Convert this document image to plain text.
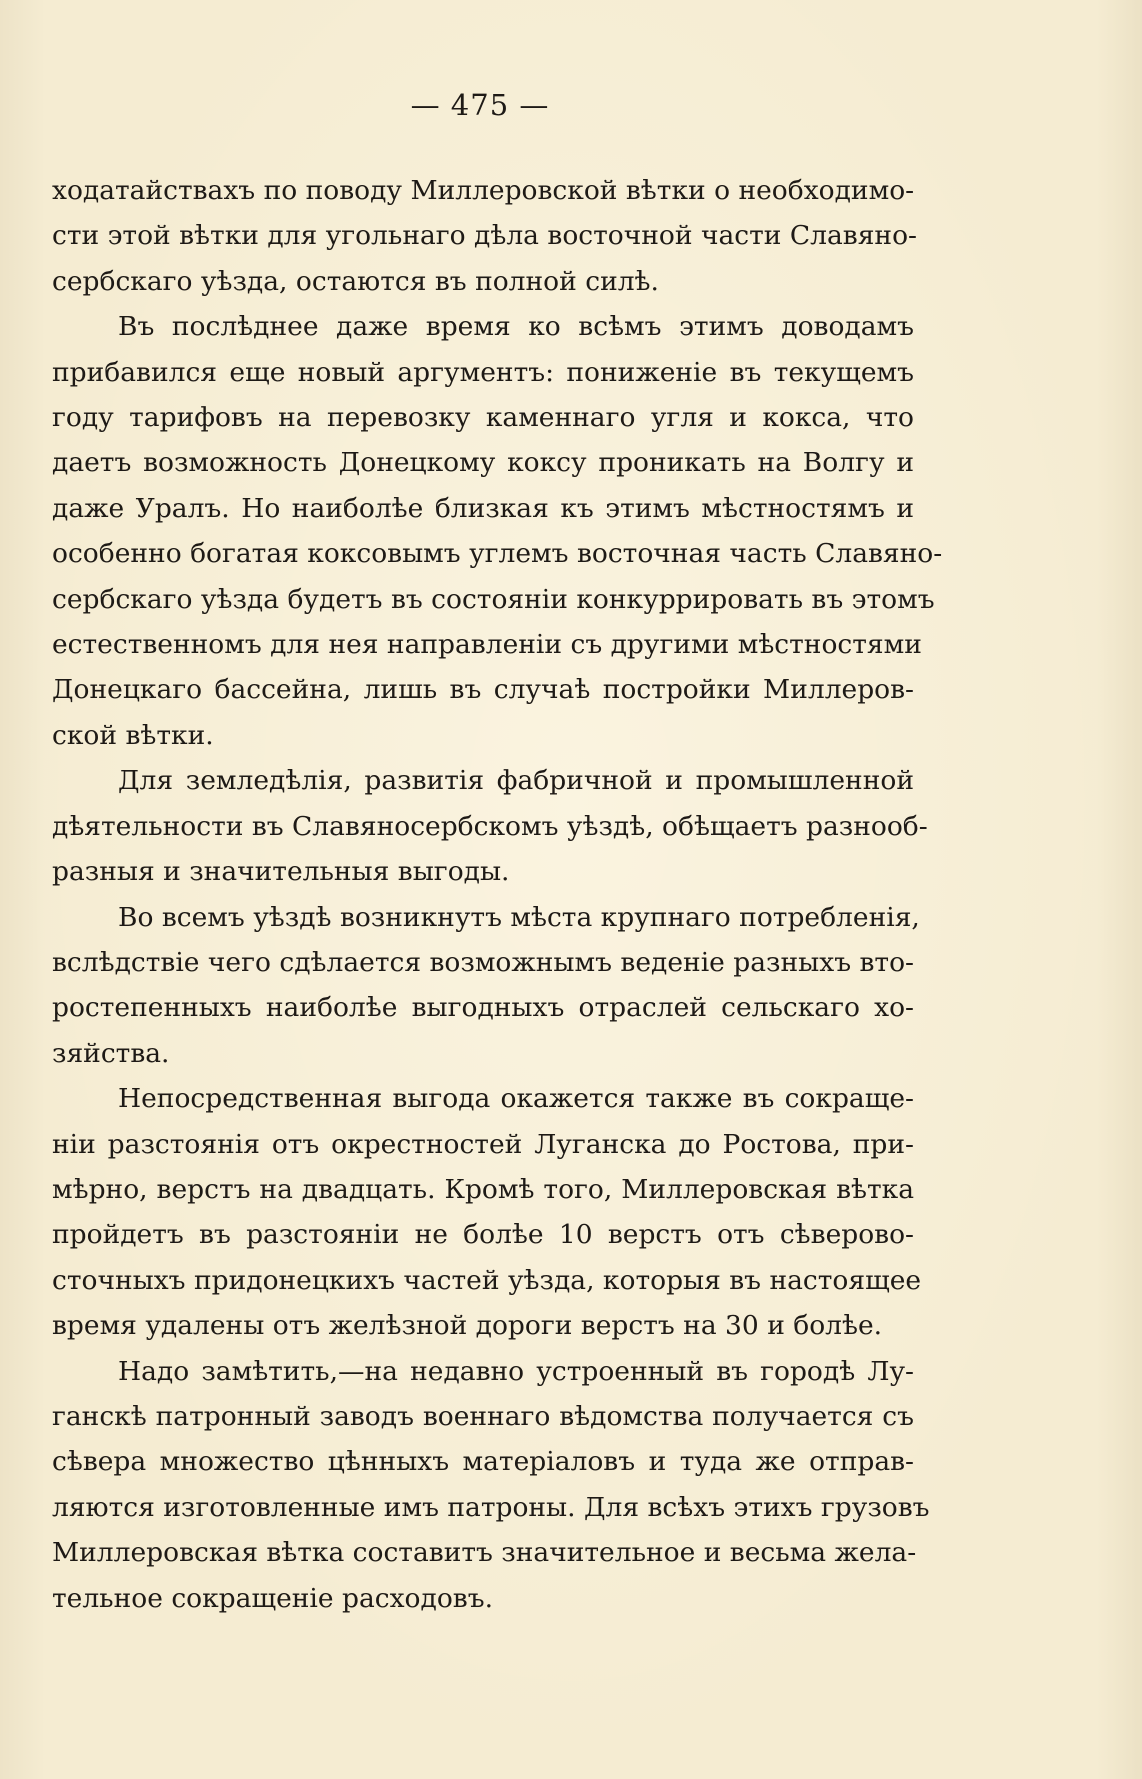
— 475 —
ходатайствахъ по поводу Миллеровской вѣтки о необходимо-
сти этой вѣтки для угольнаго дѣла восточной части Славяно-
сербскаго уѣзда, остаются въ полной силѣ.
Въ послѣднее даже время ко всѣмъ этимъ доводамъ
прибавился еще новый аргументъ: пониженіе въ текущемъ
году тарифовъ на перевозку каменнаго угля и кокса, что
даетъ возможность Донецкому коксу проникать на Волгу и
даже Уралъ. Но наиболѣе близкая къ этимъ мѣстностямъ и
особенно богатая коксовымъ углемъ восточная часть Славяно-
сербскаго уѣзда будетъ въ состояніи конкуррировать въ этомъ
естественномъ для нея направленіи съ другими мѣстностями
Донецкаго бассейна, лишь въ случаѣ постройки Миллеров-
ской вѣтки.
Для земледѣлія, развитія фабричной и промышленной
дѣятельности въ Славяносербскомъ уѣздѣ, обѣщаетъ разнооб-
разныя и значительныя выгоды.
Во всемъ уѣздѣ возникнутъ мѣста крупнаго потребленія,
вслѣдствіе чего сдѣлается возможнымъ веденіе разныхъ вто-
ростепенныхъ наиболѣе выгодныхъ отраслей сельскаго хо-
зяйства.
Непосредственная выгода окажется также въ сокраще-
ніи разстоянія отъ окрестностей Луганска до Ростова, при-
мѣрно, верстъ на двадцать. Кромѣ того, Миллеровская вѣтка
пройдетъ въ разстояніи не болѣе 10 верстъ отъ сѣверово-
сточныхъ придонецкихъ частей уѣзда, которыя въ настоящее
время удалены отъ желѣзной дороги верстъ на 30 и болѣе.
Надо замѣтить,—на недавно устроенный въ городѣ Лу-
ганскѣ патронный заводъ военнаго вѣдомства получается съ
сѣвера множество цѣнныхъ матеріаловъ и туда же отправ-
ляются изготовленные имъ патроны. Для всѣхъ этихъ грузовъ
Миллеровская вѣтка составитъ значительное и весьма жела-
тельное сокращеніе расходовъ.
